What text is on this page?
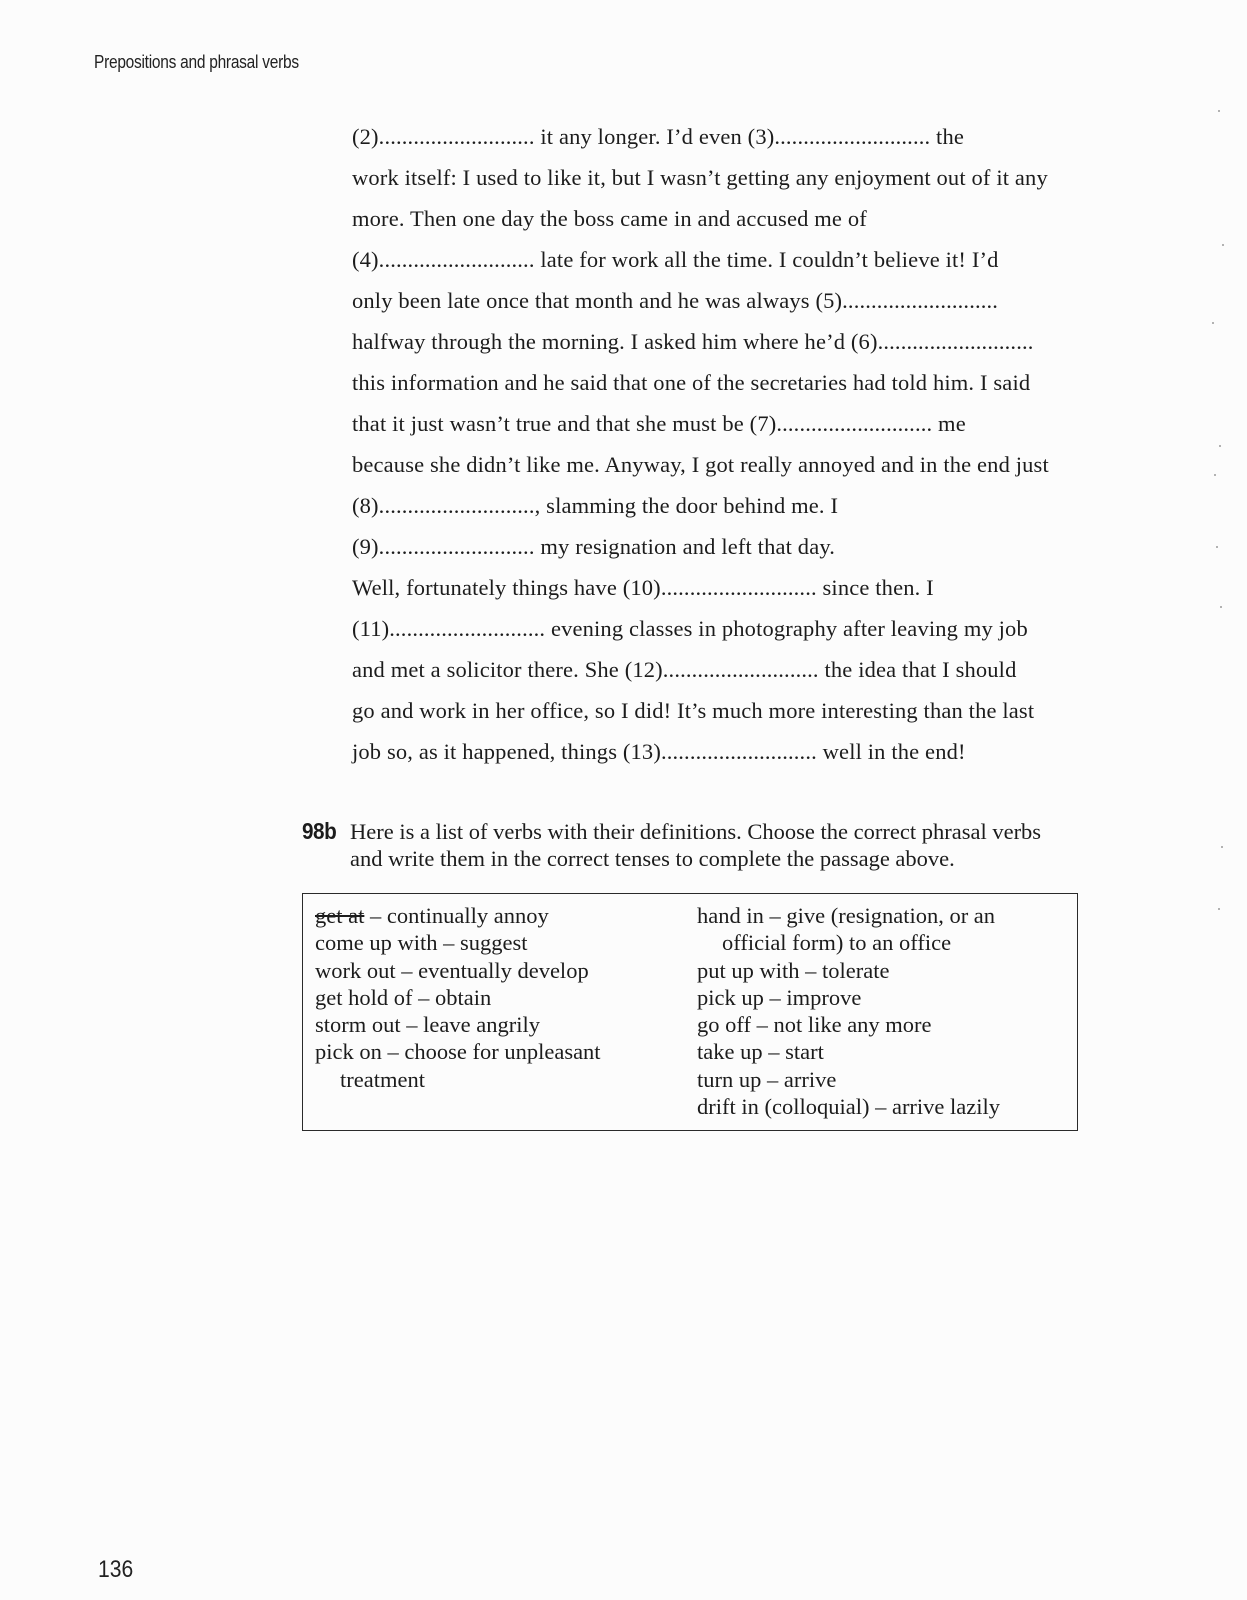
Prepositions and phrasal verbs
(2)........................... it any longer. I’d even (3)........................... the
work itself: I used to like it, but I wasn’t getting any enjoyment out of it any
more. Then one day the boss came in and accused me of
(4)........................... late for work all the time. I couldn’t believe it! I’d
only been late once that month and he was always (5)...........................
halfway through the morning. I asked him where he’d (6)...........................
this information and he said that one of the secretaries had told him. I said
that it just wasn’t true and that she must be (7)........................... me
because she didn’t like me. Anyway, I got really annoyed and in the end just
(8)..........................., slamming the door behind me. I
(9)........................... my resignation and left that day.
Well, fortunately things have (10)........................... since then. I
(11)........................... evening classes in photography after leaving my job
and met a solicitor there. She (12)........................... the idea that I should
go and work in her office, so I did! It’s much more interesting than the last
job so, as it happened, things (13)........................... well in the end!
98b Here is a list of verbs with their definitions. Choose the correct phrasal verbs
and write them in the correct tenses to complete the passage above.
get at – continually annoy
come up with – suggest
work out – eventually develop
get hold of – obtain
storm out – leave angrily
pick on – choose for unpleasant
treatment
hand in – give (resignation, or an
official form) to an office
put up with – tolerate
pick up – improve
go off – not like any more
take up – start
turn up – arrive
drift in (colloquial) – arrive lazily
136
